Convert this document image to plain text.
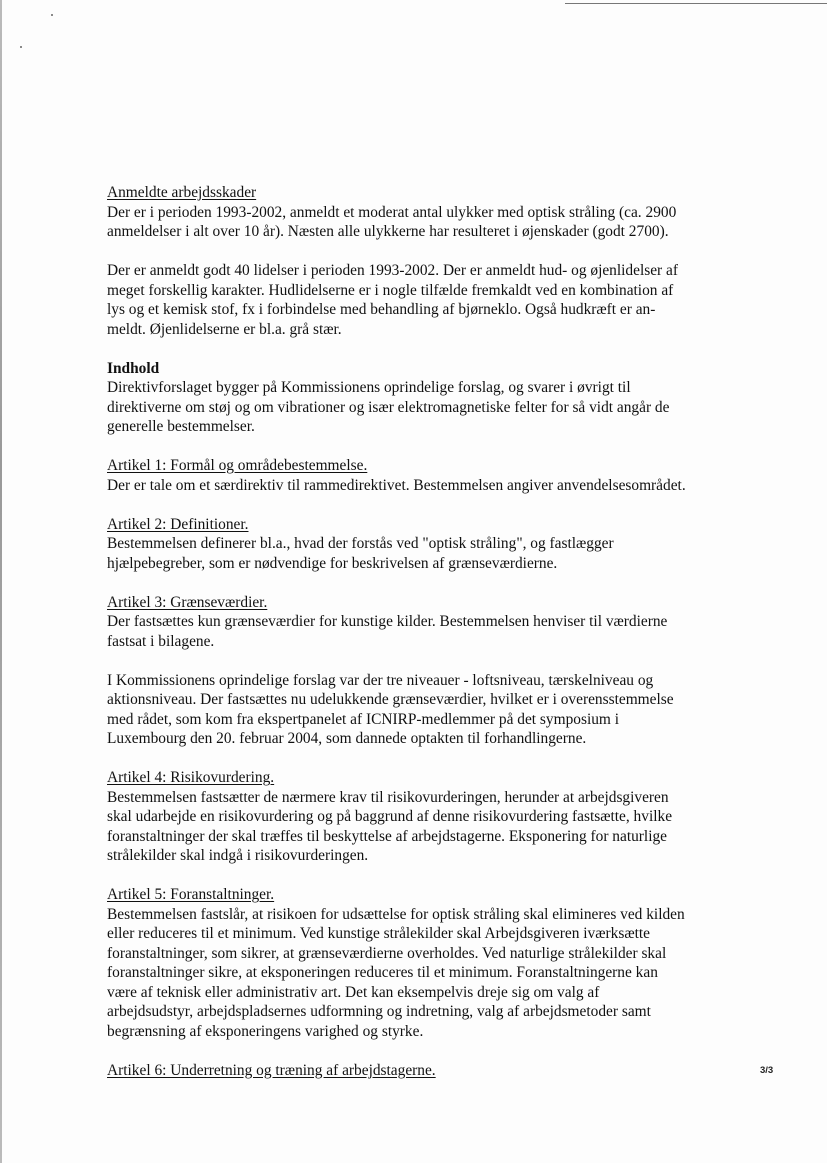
Anmeldte arbejdsskader
Der er i perioden 1993-2002, anmeldt et moderat antal ulykker med optisk stråling (ca. 2900
anmeldelser i alt over 10 år). Næsten alle ulykkerne har resulteret i øjenskader (godt 2700).
Der er anmeldt godt 40 lidelser i perioden 1993-2002. Der er anmeldt hud- og øjenlidelser af
meget forskellig karakter. Hudlidelserne er i nogle tilfælde fremkaldt ved en kombination af
lys og et kemisk stof, fx i forbindelse med behandling af bjørneklo. Også hudkræft er an-
meldt. Øjenlidelserne er bl.a. grå stær.
Indhold
Direktivforslaget bygger på Kommissionens oprindelige forslag, og svarer i øvrigt til
direktiverne om støj og om vibrationer og især elektromagnetiske felter for så vidt angår de
generelle bestemmelser.
Artikel 1: Formål og områdebestemmelse.
Der er tale om et særdirektiv til rammedirektivet. Bestemmelsen angiver anvendelsesområdet.
Artikel 2: Definitioner.
Bestemmelsen definerer bl.a., hvad der forstås ved "optisk stråling", og fastlægger
hjælpebegreber, som er nødvendige for beskrivelsen af grænseværdierne.
Artikel 3: Grænseværdier.
Der fastsættes kun grænseværdier for kunstige kilder. Bestemmelsen henviser til værdierne
fastsat i bilagene.
I Kommissionens oprindelige forslag var der tre niveauer - loftsniveau, tærskelniveau og
aktionsniveau. Der fastsættes nu udelukkende grænseværdier, hvilket er i overensstemmelse
med rådet, som kom fra ekspertpanelet af ICNIRP-medlemmer på det symposium i
Luxembourg den 20. februar 2004, som dannede optakten til forhandlingerne.
Artikel 4: Risikovurdering.
Bestemmelsen fastsætter de nærmere krav til risikovurderingen, herunder at arbejdsgiveren
skal udarbejde en risikovurdering og på baggrund af denne risikovurdering fastsætte, hvilke
foranstaltninger der skal træffes til beskyttelse af arbejdstagerne. Eksponering for naturlige
strålekilder skal indgå i risikovurderingen.
Artikel 5: Foranstaltninger.
Bestemmelsen fastslår, at risikoen for udsættelse for optisk stråling skal elimineres ved kilden
eller reduceres til et minimum. Ved kunstige strålekilder skal Arbejdsgiveren iværksætte
foranstaltninger, som sikrer, at grænseværdierne overholdes. Ved naturlige strålekilder skal
foranstaltninger sikre, at eksponeringen reduceres til et minimum. Foranstaltningerne kan
være af teknisk eller administrativ art. Det kan eksempelvis dreje sig om valg af
arbejdsudstyr, arbejdspladsernes udformning og indretning, valg af arbejdsmetoder samt
begrænsning af eksponeringens varighed og styrke.
Artikel 6: Underretning og træning af arbejdstagerne.	3/3
